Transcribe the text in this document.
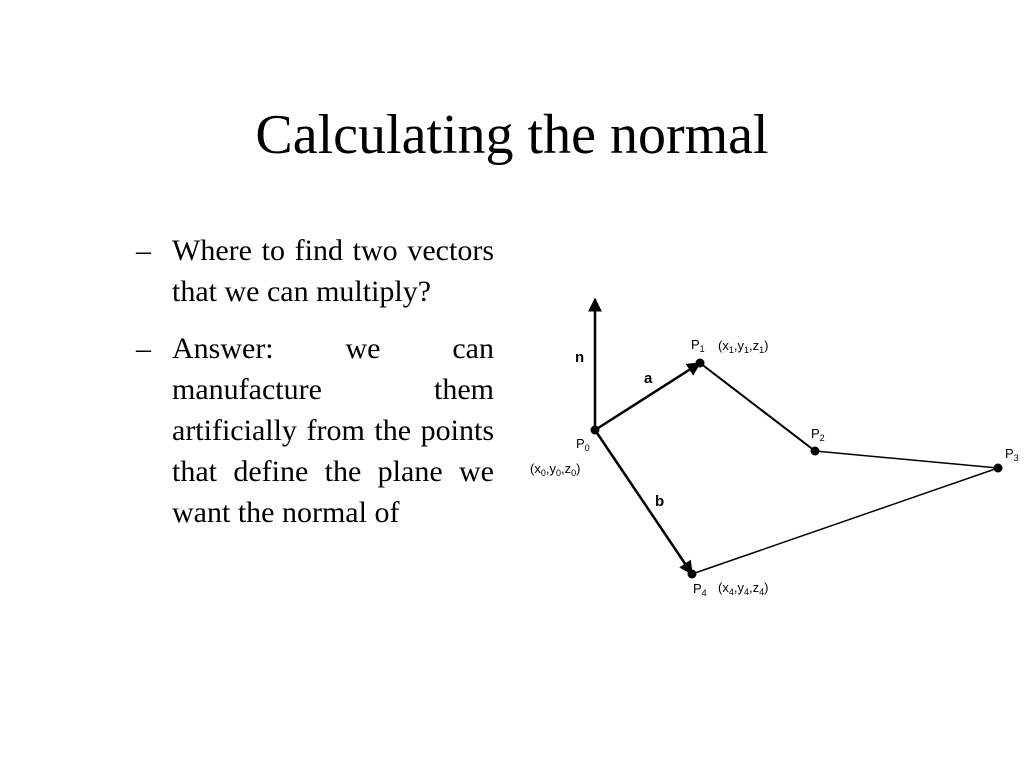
Calculating the normal
– Where to find two vectors that we can multiply?
– Answer: we can manufacture them artificially from the points that define the plane we want the normal of
n
a
b
$P_0$
$(x_0,y_0,z_0)$
$P_1$ $(x_1,y_1,z_1)$
$P_2$
$P_3$
$P_4$ $(x_4,y_4,z_4)$
